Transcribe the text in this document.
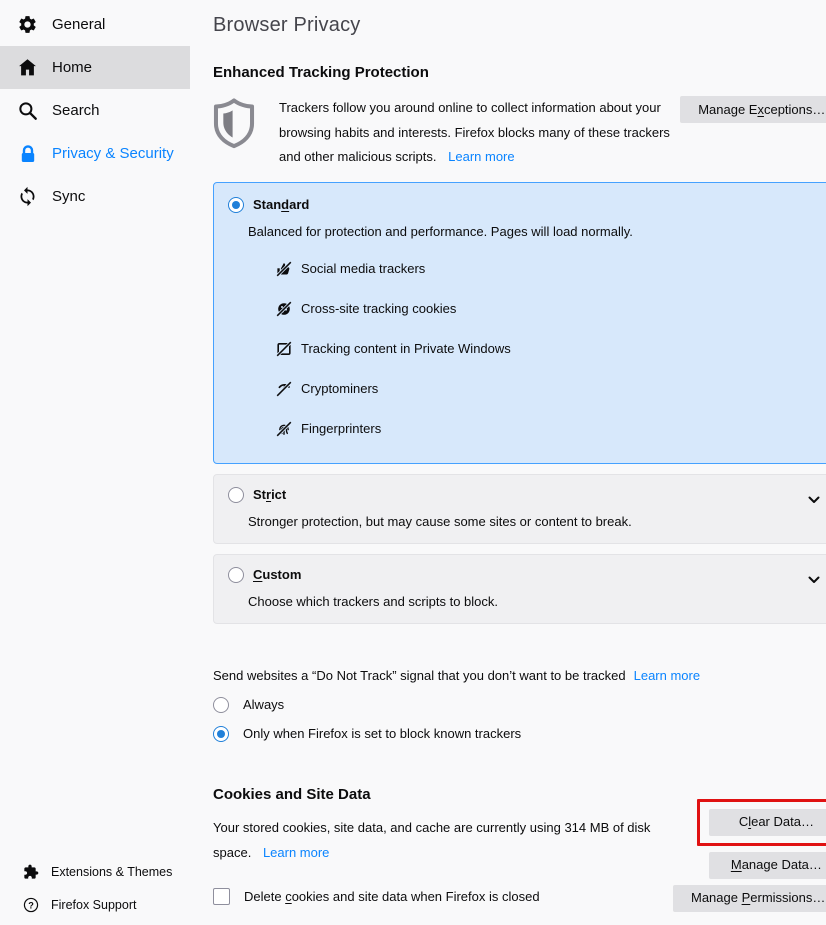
General
Home
Search
Privacy & Security
Sync
Extensions & Themes
? Firefox Support
Browser Privacy
Enhanced Tracking Protection

Trackers follow you around online to collect information about your browsing habits and interests. Firefox blocks many of these trackers and other malicious scripts. Learn more

Manage Exceptions…
Standard

Balanced for protection and performance. Pages will load normally.

Social media trackers
Cross-site tracking cookies
Tracking content in Private Windows
Cryptominers
Fingerprinters
Strict

Stronger protection, but may cause some sites or content to break.

Custom

Choose which trackers and scripts to block.

Send websites a “Do Not Track” signal that you don’t want to be tracked Learn more

Always
Only when Firefox is set to block known trackers
Cookies and Site Data

Your stored cookies, site data, and cache are currently using 314 MB of disk space. Learn more

Delete cookies and site data when Firefox is closed
Clear Data…
Manage Data…
Manage Permissions…
